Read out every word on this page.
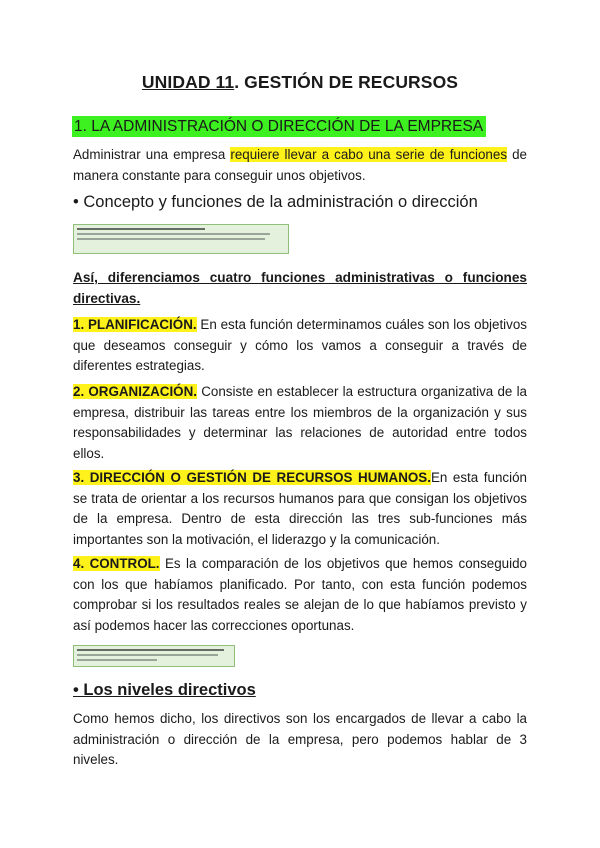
UNIDAD 11. GESTIÓN DE RECURSOS
1. LA ADMINISTRACIÓN O DIRECCIÓN DE LA EMPRESA
Administrar una empresa requiere llevar a cabo una serie de funciones de manera constante para conseguir unos objetivos.
• Concepto y funciones de la administración o dirección
Así, diferenciamos cuatro funciones administrativas o funciones directivas.
1. PLANIFICACIÓN. En esta función determinamos cuáles son los objetivos que deseamos conseguir y cómo los vamos a conseguir a través de diferentes estrategias.
2. ORGANIZACIÓN. Consiste en establecer la estructura organizativa de la empresa, distribuir las tareas entre los miembros de la organización y sus responsabilidades y determinar las relaciones de autoridad entre todos ellos.
3. DIRECCIÓN O GESTIÓN DE RECURSOS HUMANOS.En esta función se trata de orientar a los recursos humanos para que consigan los objetivos de la empresa. Dentro de esta dirección las tres sub-funciones más importantes son la motivación, el liderazgo y la comunicación.
4. CONTROL. Es la comparación de los objetivos que hemos conseguido con los que habíamos planificado. Por tanto, con esta función podemos comprobar si los resultados reales se alejan de lo que habíamos previsto y así podemos hacer las correcciones oportunas.
• Los niveles directivos
Como hemos dicho, los directivos son los encargados de llevar a cabo la administración o dirección de la empresa, pero podemos hablar de 3 niveles.
